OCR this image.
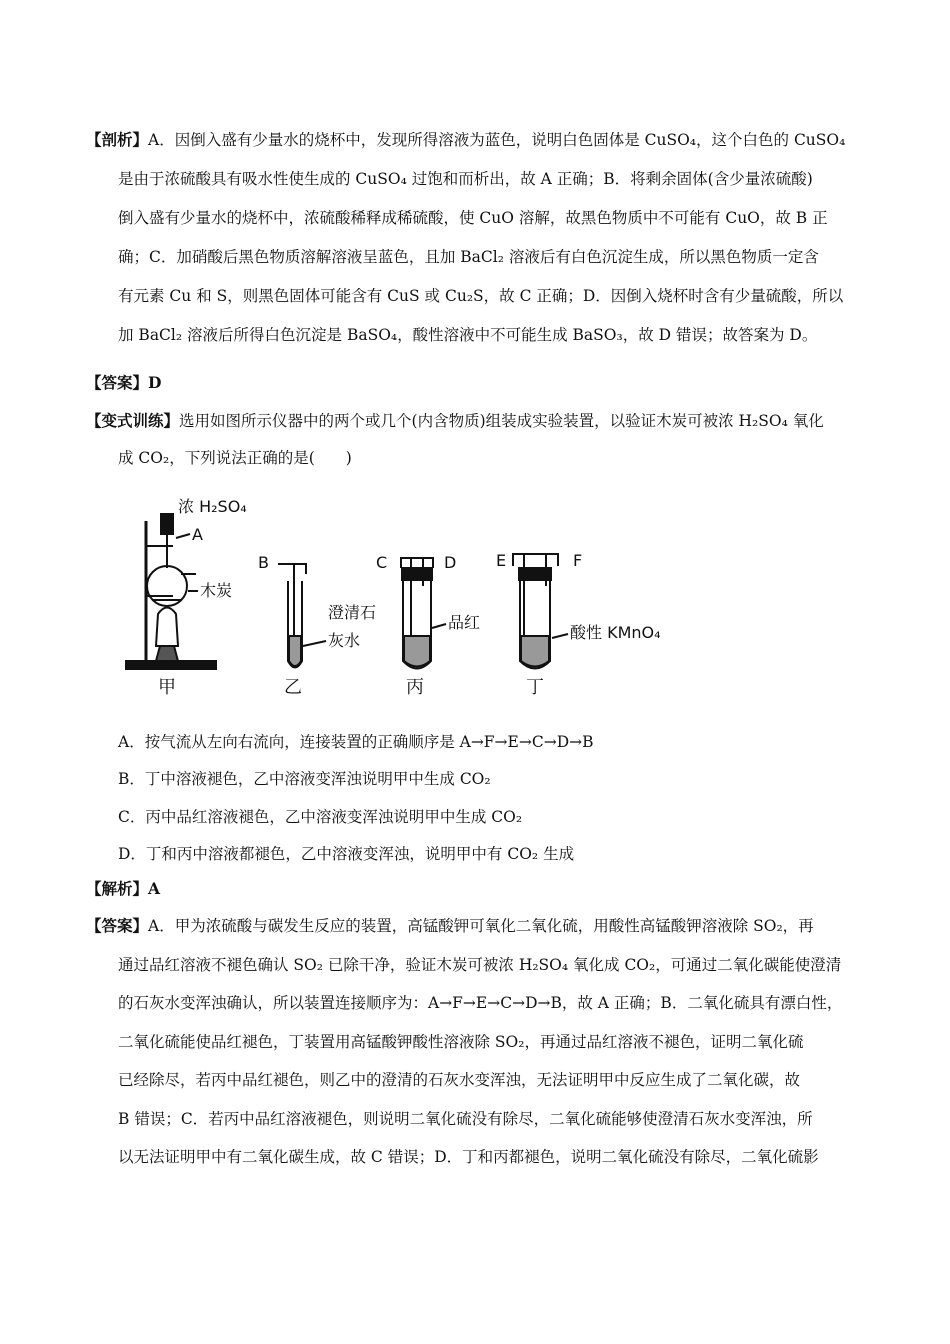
【剖析】A．因倒入盛有少量水的烧杯中，发现所得溶液为蓝色，说明白色固体是 CuSO₄，这个白色的 CuSO₄
是由于浓硫酸具有吸水性使生成的 CuSO₄ 过饱和而析出，故 A 正确；B．将剩余固体(含少量浓硫酸)
倒入盛有少量水的烧杯中，浓硫酸稀释成稀硫酸，使 CuO 溶解，故黑色物质中不可能有 CuO，故 B 正
确；C．加硝酸后黑色物质溶解溶液呈蓝色，且加 BaCl₂ 溶液后有白色沉淀生成，所以黑色物质一定含
有元素 Cu 和 S，则黑色固体可能含有 CuS 或 Cu₂S，故 C 正确；D．因倒入烧杯时含有少量硫酸，所以
加 BaCl₂ 溶液后所得白色沉淀是 BaSO₄，酸性溶液中不可能生成 BaSO₃，故 D 错误；故答案为 D。
【答案】D
【变式训练】选用如图所示仪器中的两个或几个(内含物质)组装成实验装置，以验证木炭可被浓 H₂SO₄ 氧化
成 CO₂，下列说法正确的是(　　)
浓 H₂SO₄
A
木炭
B
澄清石
灰水
C	D
品红
E	F
酸性 KMnO₄
甲	乙	丙	丁
A．按气流从左向右流向，连接装置的正确顺序是 A→F→E→C→D→B
B．丁中溶液褪色，乙中溶液变浑浊说明甲中生成 CO₂
C．丙中品红溶液褪色，乙中溶液变浑浊说明甲中生成 CO₂
D．丁和丙中溶液都褪色，乙中溶液变浑浊，说明甲中有 CO₂ 生成
【解析】A
【答案】A．甲为浓硫酸与碳发生反应的装置，高锰酸钾可氧化二氧化硫，用酸性高锰酸钾溶液除 SO₂，再
通过品红溶液不褪色确认 SO₂ 已除干净，验证木炭可被浓 H₂SO₄ 氧化成 CO₂，可通过二氧化碳能使澄清
的石灰水变浑浊确认，所以装置连接顺序为：A→F→E→C→D→B，故 A 正确；B．二氧化硫具有漂白性，
二氧化硫能使品红褪色，丁装置用高锰酸钾酸性溶液除 SO₂，再通过品红溶液不褪色，证明二氧化硫
已经除尽，若丙中品红褪色，则乙中的澄清的石灰水变浑浊，无法证明甲中反应生成了二氧化碳，故
B 错误；C．若丙中品红溶液褪色，则说明二氧化硫没有除尽，二氧化硫能够使澄清石灰水变浑浊，所
以无法证明甲中有二氧化碳生成，故 C 错误；D．丁和丙都褪色，说明二氧化硫没有除尽，二氧化硫影
